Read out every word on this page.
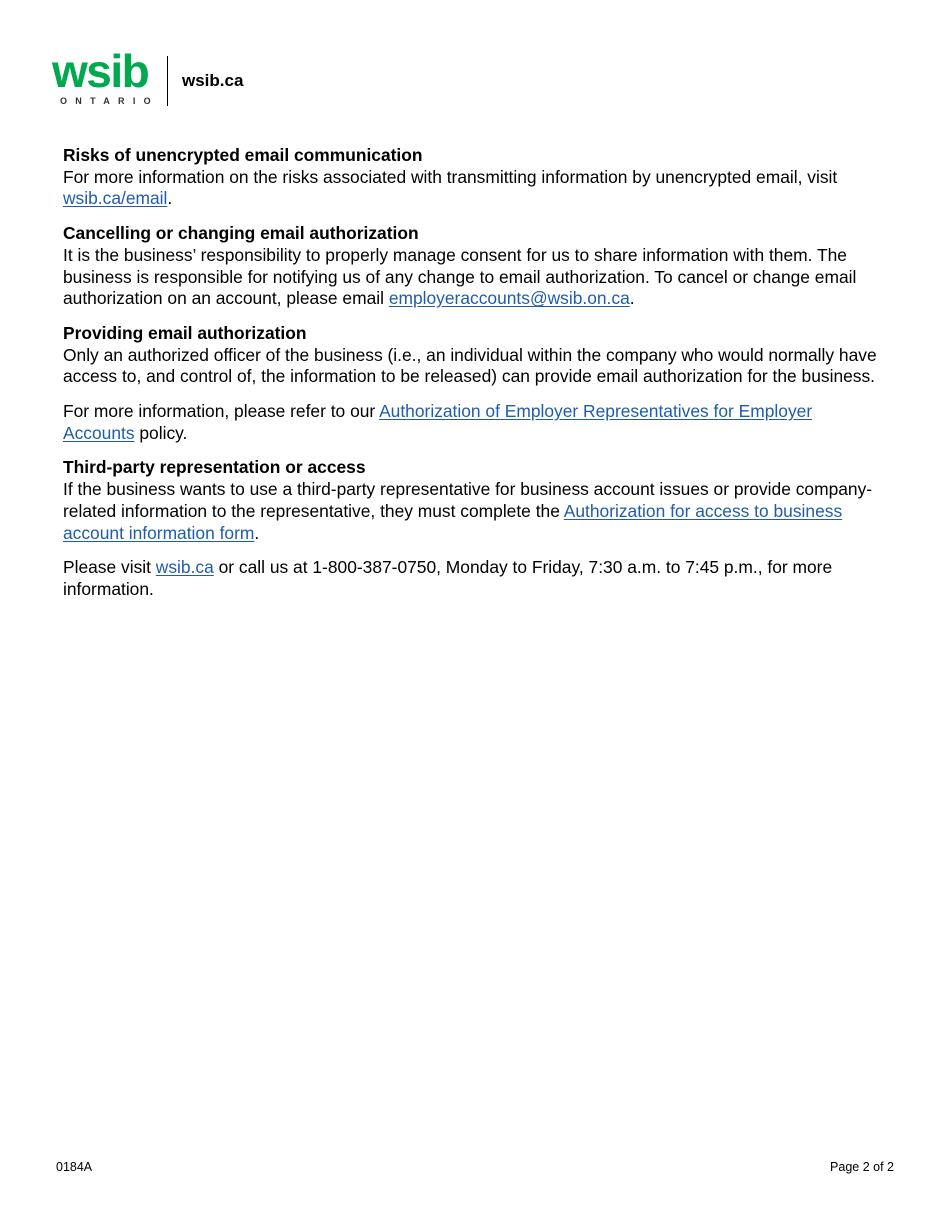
wsib
ONTARIO
wsib.ca
Risks of unencrypted email communication
For more information on the risks associated with transmitting information by unencrypted email, visit wsib.ca/email.
Cancelling or changing email authorization
It is the business’ responsibility to properly manage consent for us to share information with them. The business is responsible for notifying us of any change to email authorization. To cancel or change email authorization on an account, please email employeraccounts@wsib.on.ca.
Providing email authorization
Only an authorized officer of the business (i.e., an individual within the company who would normally have access to, and control of, the information to be released) can provide email authorization for the business.
For more information, please refer to our Authorization of Employer Representatives for Employer Accounts policy.
Third-party representation or access
If the business wants to use a third-party representative for business account issues or provide company-related information to the representative, they must complete the Authorization for access to business account information form.
Please visit wsib.ca or call us at 1-800-387-0750, Monday to Friday, 7:30 a.m. to 7:45 p.m., for more information.
0184A	Page 2 of 2
